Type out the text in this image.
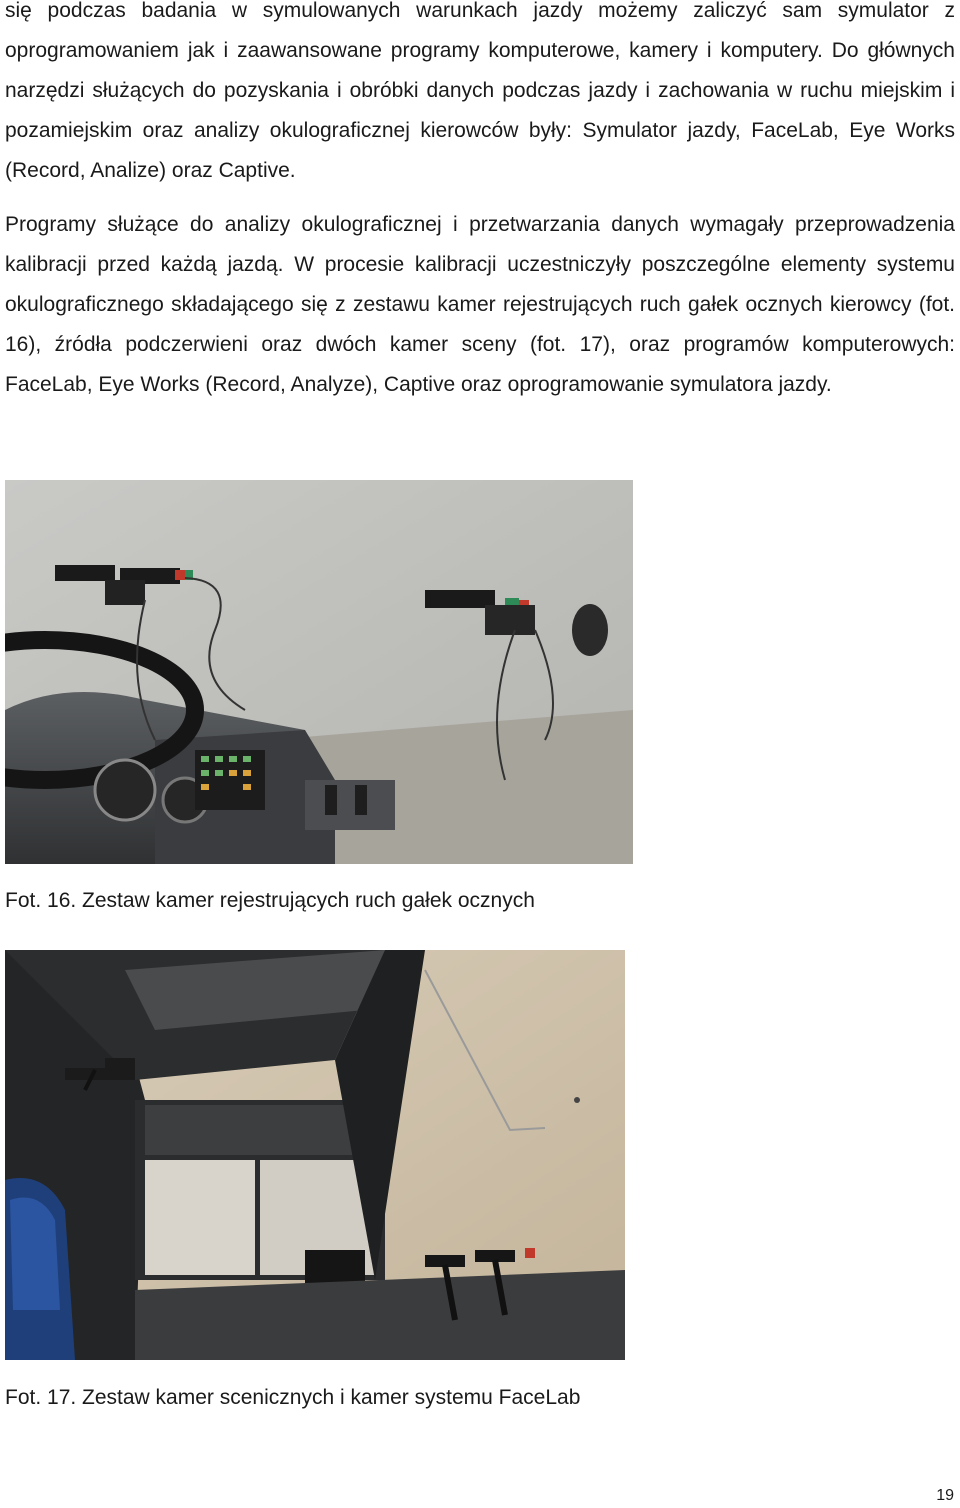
się podczas badania w symulowanych warunkach jazdy możemy zaliczyć sam symulator z oprogramowaniem jak i zaawansowane programy komputerowe, kamery i komputery. Do głównych narzędzi służących do pozyskania i obróbki danych podczas jazdy i zachowania w ruchu miejskim i pozamiejskim oraz analizy okulograficznej kierowców były: Symulator jazdy, FaceLab, Eye Works (Record, Analize) oraz Captive.

Programy służące do analizy okulograficznej i przetwarzania danych wymagały przeprowadzenia kalibracji przed każdą jazdą. W procesie kalibracji uczestniczyły poszczególne elementy systemu okulograficznego składającego się z zestawu kamer rejestrujących ruch gałek ocznych kierowcy (fot. 16), źródła podczerwieni oraz dwóch kamer sceny (fot. 17), oraz programów komputerowych: FaceLab, Eye Works (Record, Analyze), Captive oraz oprogramowanie symulatora jazdy.

Fot. 16. Zestaw kamer rejestrujących ruch gałek ocznych

Fot. 17. Zestaw kamer scenicznych i kamer systemu FaceLab

19
